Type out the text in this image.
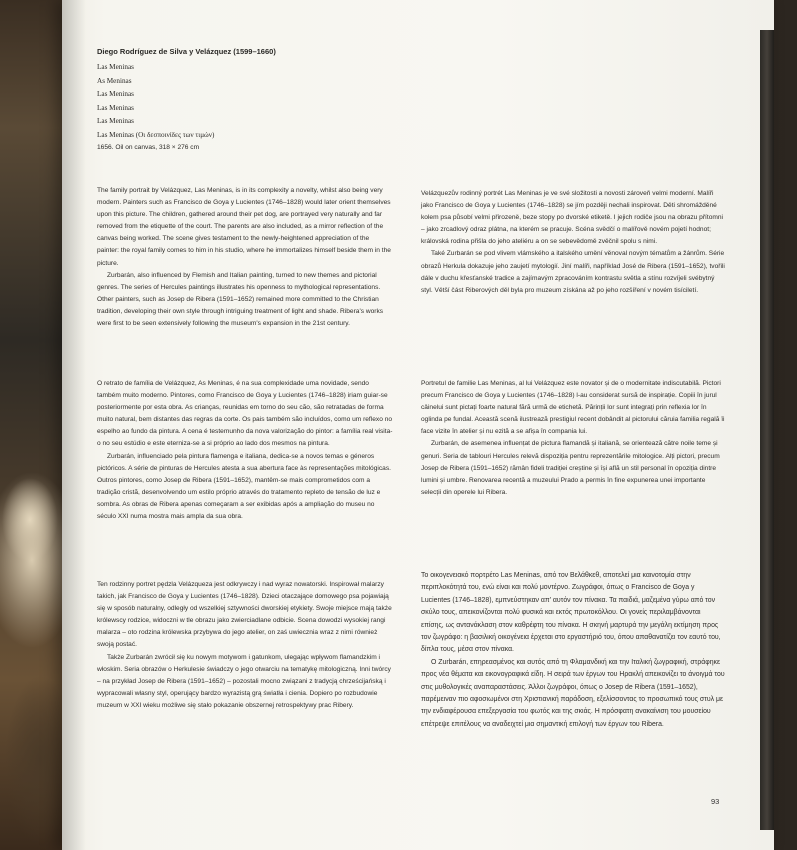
Diego Rodríguez de Silva y Velázquez (1599–1660)
Las Meninas
As Meninas
Las Meninas
Las Meninas
Las Meninas
Las Meninas (Οι δεσποινίδες των τιμών)
1656. Oil on canvas, 318 × 276 cm

The family portrait by Velázquez, Las Meninas, is in its complexity a novelty, whilst also being very modern. Painters such as Francisco de Goya y Lucientes (1746–1828) would later orient themselves upon this picture. The children, gathered around their pet dog, are portrayed very naturally and far removed from the etiquette of the court. The parents are also included, as a mirror reflection of the canvas being worked. The scene gives testament to the newly-heightened appreciation of the painter: the royal family comes to him in his studio, where he immortalizes himself beside them in the picture.

Zurbarán, also influenced by Flemish and Italian painting, turned to new themes and pictorial genres. The series of Hercules paintings illustrates his openness to mythological representations. Other painters, such as Josep de Ribera (1591–1652) remained more committed to the Christian tradition, developing their own style through intriguing treatment of light and shade. Ribera's works were first to be seen extensively following the museum's expansion in the 21st century.

Velázquezův rodinný portrét Las Meninas je ve své složitosti a novosti zároveň velmi moderní. Malíři jako Francisco de Goya y Lucientes (1746–1828) se jím později nechali inspirovat. Děti shromážděné kolem psa působí velmi přirozeně, beze stopy po dvorské etiketě. I jejich rodiče jsou na obrazu přítomni – jako zrcadlový odraz plátna, na kterém se pracuje. Scéna svědčí o malířově novém pojetí hodnot; královská rodina přišla do jeho ateliéru a on se sebevědomě zvěčnil spolu s nimi.

Také Zurbarán se pod vlivem vlámského a italského umění věnoval novým tématům a žánrům. Série obrazů Herkula dokazuje jeho zaujetí mytologií. Jiní malíři, například José de Ribera (1591–1652), tvořili dále v duchu křesťanské tradice a zajímavým zpracováním kontrastu světla a stínu rozvíjeli svébytný styl. Větší část Riberových děl byla pro muzeum získána až po jeho rozšíření v novém tisíciletí.

O retrato de família de Velázquez, As Meninas, é na sua complexidade uma novidade, sendo também muito moderno. Pintores, como Francisco de Goya y Lucientes (1746–1828) iriam guiar-se posteriormente por esta obra. As crianças, reunidas em torno do seu cão, são retratadas de forma muito natural, bem distantes das regras da corte. Os pais também são incluídos, como um reflexo no espelho ao fundo da pintura. A cena é testemunho da nova valorização do pintor: a família real visita-o no seu estúdio e este eterniza-se a si próprio ao lado dos mesmos na pintura.

Zurbarán, influenciado pela pintura flamenga e italiana, dedica-se a novos temas e géneros pictóricos. A série de pinturas de Hercules atesta a sua abertura face às representações mitológicas. Outros pintores, como Josep de Ribera (1591–1652), mantêm-se mais comprometidos com a tradição cristã, desenvolvendo um estilo próprio através do tratamento repleto de tensão de luz e sombra. As obras de Ribera apenas começaram a ser exibidas após a ampliação do museu no século XXI numa mostra mais ampla da sua obra.

Portretul de familie Las Meninas, al lui Velázquez este novator și de o modernitate indiscutabilă. Pictori precum Francisco de Goya y Lucientes (1746–1828) l-au considerat sursă de inspirație. Copiii în jurul câinelui sunt pictați foarte natural fără urmă de etichetă. Părinții lor sunt integrați prin reflexia lor în oglinda pe fundal. Această scenă ilustrează prestigiul recent dobândit al pictorului căruia familia regală îi face vizite în atelier și nu ezită a se afișa în compania lui.

Zurbarán, de asemenea influențat de pictura flamandă și italiană, se orientează către noile teme și genuri. Seria de tablouri Hercules relevă dispoziția pentru reprezentările mitologice. Alți pictori, precum Josep de Ribera (1591–1652) rămân fideli tradiției creștine și își află un stil personal în opoziția dintre lumini și umbre. Renovarea recentă a muzeului Prado a permis în fine expunerea unei importante selecții din operele lui Ribera.

Ten rodzinny portret pędzla Velázqueza jest odkrywczy i nad wyraz nowatorski. Inspirował malarzy takich, jak Francisco de Goya y Lucientes (1746–1828). Dzieci otaczające domowego psa pojawiają się w sposób naturalny, odległy od wszelkiej sztywności dworskiej etykiety. Swoje miejsce mają także królewscy rodzice, widoczni w tle obrazu jako zwierciadlane odbicie. Scena dowodzi wysokiej rangi malarza – oto rodzina królewska przybywa do jego atelier, on zaś uwiecznia wraz z nimi również swoją postać.

Także Zurbarán zwrócił się ku nowym motywom i gatunkom, ulegając wpływom flamandzkim i włoskim. Seria obrazów o Herkulesie świadczy o jego otwarciu na tematykę mitologiczną. Inni twórcy – na przykład Josep de Ribera (1591–1652) – pozostali mocno związani z tradycją chrześcijańską i wypracowali własny styl, operujący bardzo wyrazistą grą światła i cienia. Dopiero po rozbudowie muzeum w XXI wieku możliwe się stało pokazanie obszernej retrospektywy prac Ribery.

Το οικογενειακό πορτρέτο Las Meninas, από τον Βελάθκεθ, αποτελεί μια καινοτομία στην περιπλοκότητά του, ενώ είναι και πολύ μοντέρνο. Ζωγράφοι, όπως ο Francisco de Goya y Lucientes (1746–1828), εμπνεύστηκαν απ' αυτόν τον πίνακα. Τα παιδιά, μαζεμένα γύρω από τον σκύλο τους, απεικονίζονται πολύ φυσικά και εκτός πρωτοκόλλου. Οι γονείς περιλαμβάνονται επίσης, ως αντανάκλαση στον καθρέφτη του πίνακα. Η σκηνή μαρτυρά την μεγάλη εκτίμηση προς τον ζωγράφο: η βασιλική οικογένεια έρχεται στο εργαστήριό του, όπου απαθανατίζει τον εαυτό του, δίπλα τους, μέσα στον πίνακα.

Ο Zurbarán, επηρεασμένος και αυτός από τη Φλαμανδική και την Ιταλική ζωγραφική, στράφηκε προς νέα θέματα και εικονογραφικά είδη. Η σειρά των έργων του Ηρακλή απεικονίζει το άνοιγμά του στις μυθολογικές αναπαραστάσεις. Άλλοι ζωγράφοι, όπως ο Josep de Ribera (1591–1652), παρέμειναν πιο αφοσιωμένοι στη Χριστιανική παράδοση, εξελίσσοντας το προσωπικό τους στυλ με την ενδιαφέρουσα επεξεργασία του φωτός και της σκιάς. Η πρόσφατη ανακαίνιση του μουσείου επέτρεψε επιτέλους να αναδειχτεί μια σημαντική επιλογή των έργων του Ribera.

93
